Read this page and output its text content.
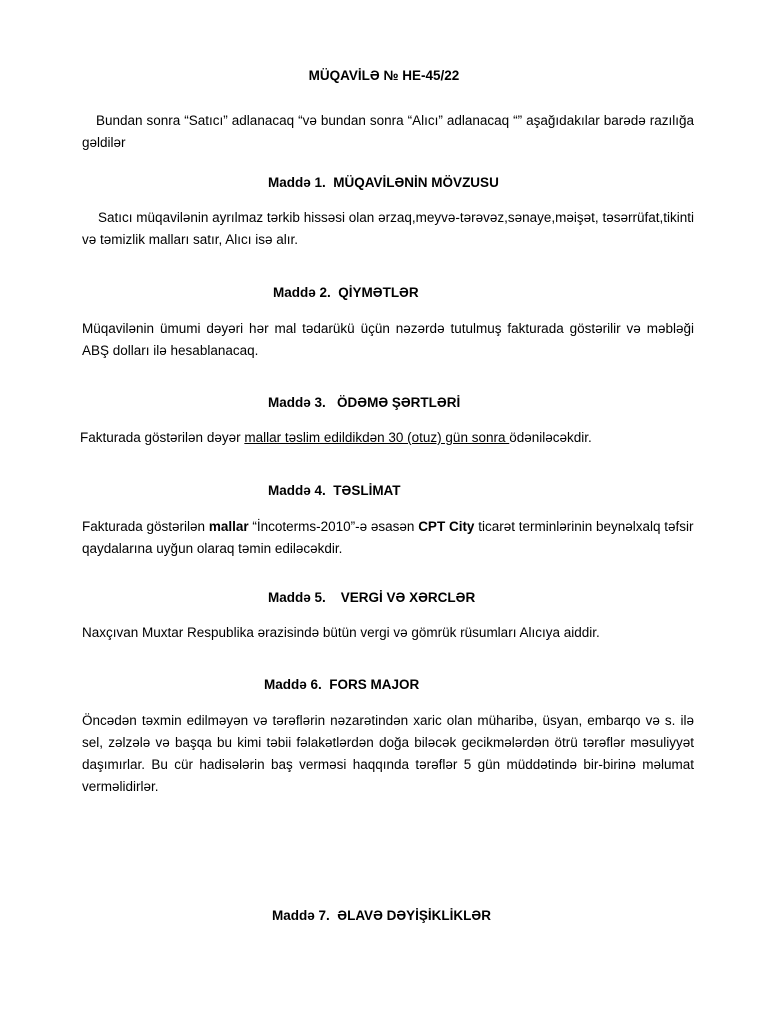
MÜQAVİLƏ № HE-45/22
Bundan sonra “Satıcı” adlanacaq “və bundan sonra “Alıcı” adlanacaq “” aşağıdakılar barədə razılığa gəldilər
Maddə 1.  MÜQAVİLƏNİN MÖVZUSU
Satıcı müqavilənin ayrılmaz tərkib hissəsi olan ərzaq,meyvə-tərəvəz,sənaye,məişət, təsərrüfat,tikinti və təmizlik malları satır, Alıcı isə alır.
Maddə 2.  QİYMƏTLƏR
Müqavilənin ümumi dəyəri hər mal tədarükü üçün nəzərdə tutulmuş fakturada göstərilir və məbləği ABŞ dolları ilə hesablanacaq.
Maddə 3.   ÖDƏMƏ ŞƏRTLƏRİ
Fakturada göstərilən dəyər mallar təslim edildikdən 30 (otuz) gün sonra ödəniləcəkdir.
Maddə 4.  TƏSLİMAT
Fakturada göstərilən mallar “İncoterms-2010”-ə əsasən CPT City ticarət terminlərinin beynəlxalq təfsir qaydalarına uyğun olaraq təmin ediləcəkdir.
Maddə 5.    VERGİ VƏ XƏRCLƏR
Naxçıvan Muxtar Respublika ərazisində bütün vergi və gömrük rüsumları Alıcıya aiddir.
Maddə 6.  FORS MAJOR
Öncədən təxmin edilməyən və tərəflərin nəzarətindən xaric olan müharibə, üsyan, embarqo və s. ilə sel, zəlzələ və başqa bu kimi təbii fəlakətlərdən doğa biləcək gecikmələrdən ötrü tərəflər məsuliyyət daşımırlar. Bu cür hadisələrin baş verməsi haqqında tərəflər 5 gün müddətində bir-birinə məlumat verməlidirlər.
Maddə 7.  ƏLAVƏ DƏYİŞİKLİKLƏR
